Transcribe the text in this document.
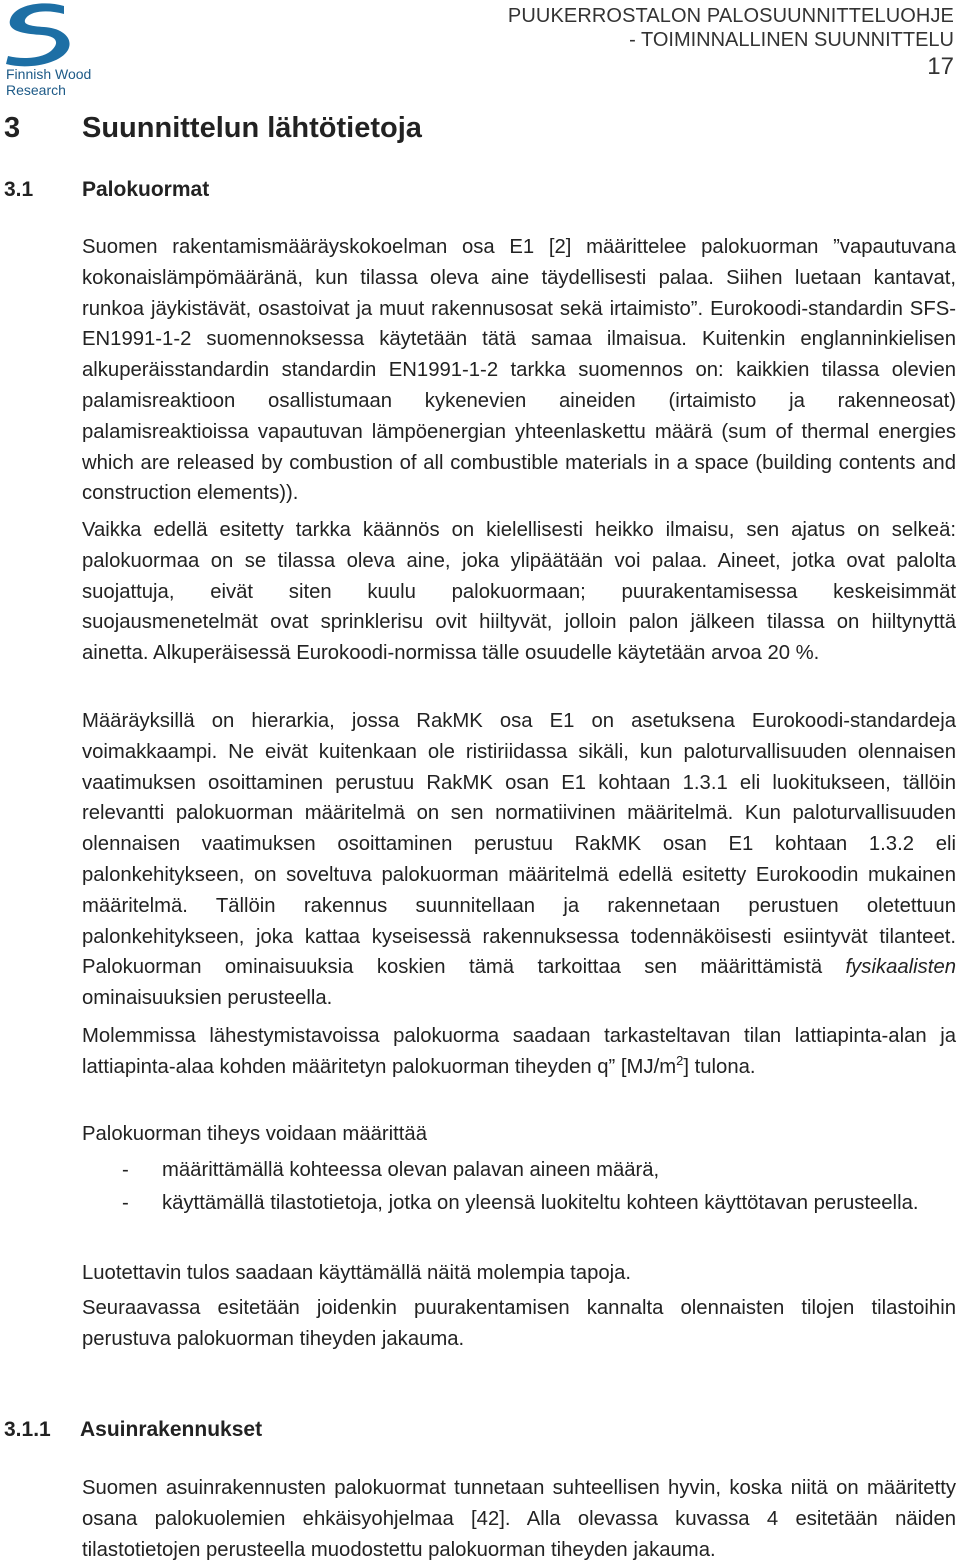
Finnish Wood
Research
PUUKERROSTALON PALOSUUNNITTELUOHJE
- TOIMINNALLINEN SUUNNITTELU
17
3 Suunnittelun lähtötietoja
3.1 Palokuormat

Suomen rakentamismääräyskokoelman osa E1 [2] määrittelee palokuorman ”vapautuvana kokonaislämpömääränä, kun tilassa oleva aine täydellisesti palaa. Siihen luetaan kantavat, runkoa jäykistävät, osastoivat ja muut rakennusosat sekä irtaimisto”. Eurokoodi-standardin SFS-EN1991-1-2 suomennoksessa käytetään tätä samaa ilmaisua. Kuitenkin englanninkielisen alkuperäisstandardin standardin EN1991-1-2 tarkka suomennos on: kaikkien tilassa olevien palamisreaktioon osallistumaan kykenevien aineiden (irtaimisto ja rakenneosat) palamisreaktioissa vapautuvan lämpöenergian yhteenlaskettu määrä (sum of thermal energies which are released by combustion of all combustible materials in a space (building contents and construction elements)).

Vaikka edellä esitetty tarkka käännös on kielellisesti heikko ilmaisu, sen ajatus on selkeä: palokuormaa on se tilassa oleva aine, joka ylipäätään voi palaa. Aineet, jotka ovat palolta suojattuja, eivät siten kuulu palokuormaan; puurakentamisessa keskeisimmät suojausmenetelmät ovat sprinklerisu ovit hiiltyvät, jolloin palon jälkeen tilassa on hiiltynyttä ainetta. Alkuperäisessä Eurokoodi-normissa tälle osuudelle käytetään arvoa 20 %.

Määräyksillä on hierarkia, jossa RakMK osa E1 on asetuksena Eurokoodi-standardeja voimakkaampi. Ne eivät kuitenkaan ole ristiriidassa sikäli, kun paloturvallisuuden olennaisen vaatimuksen osoittaminen perustuu RakMK osan E1 kohtaan 1.3.1 eli luokitukseen, tällöin relevantti palokuorman määritelmä on sen normatiivinen määritelmä. Kun paloturvallisuuden olennaisen vaatimuksen osoittaminen perustuu RakMK osan E1 kohtaan 1.3.2 eli palonkehitykseen, on soveltuva palokuorman määritelmä edellä esitetty Eurokoodin mukainen määritelmä. Tällöin rakennus suunnitellaan ja rakennetaan perustuen oletettuun palonkehitykseen, joka kattaa kyseisessä rakennuksessa todennäköisesti esiintyvät tilanteet. Palokuorman ominaisuuksia koskien tämä tarkoittaa sen määrittämistä fysikaalisten ominaisuuksien perusteella.

Molemmissa lähestymistavoissa palokuorma saadaan tarkasteltavan tilan lattiapinta-alan ja lattiapinta-alaa kohden määritetyn palokuorman tiheyden q” $[MJ/m^2]$ tulona.

Palokuorman tiheys voidaan määrittää

- määrittämällä kohteessa olevan palavan aineen määrä,
- käyttämällä tilastotietoja, jotka on yleensä luokiteltu kohteen käyttötavan perusteella.

Luotettavin tulos saadaan käyttämällä näitä molempia tapoja.

Seuraavassa esitetään joidenkin puurakentamisen kannalta olennaisten tilojen tilastoihin perustuva palokuorman tiheyden jakauma.

3.1.1 Asuinrakennukset

Suomen asuinrakennusten palokuormat tunnetaan suhteellisen hyvin, koska niitä on määritetty osana palokuolemien ehkäisyohjelmaa [42]. Alla olevassa kuvassa 4 esitetään näiden tilastotietojen perusteella muodostettu palokuorman tiheyden jakauma.
